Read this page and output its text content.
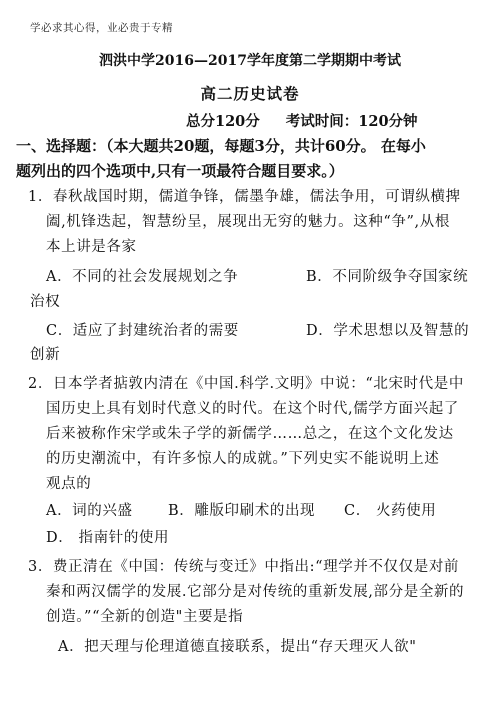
学必求其心得，业必贵于专精
泗洪中学2016—2017学年度第二学期期中考试
高二历史试卷
总分120分 考试时间：120分钟
一、选择题：（本大题共20题，每题3分，共计60分。 在每小
题列出的四个选项中,只有一项最符合题目要求。）
1．春秋战国时期，儒道争锋，儒墨争雄，儒法争用，可谓纵横捭
阖,机锋迭起，智慧纷呈，展现出无穷的魅力。这种“争”,从根
本上讲是各家
A．不同的社会发展规划之争	B．不同阶级争夺国家统
治权
C．适应了封建统治者的需要	D．学术思想以及智慧的
创新
2．日本学者掂敦内清在《中国.科学.文明》中说：“北宋时代是中
国历史上具有划时代意义的时代。在这个时代,儒学方面兴起了
后来被称作宋学或朱子学的新儒学……总之，在这个文化发达
的历史潮流中，有许多惊人的成就。”下列史实不能说明上述
观点的
A．词的兴盛 B．雕版印刷术的出现 C． 火药使用
D． 指南针的使用
3．费正清在《中国：传统与变迁》中指出:“理学并不仅仅是对前
秦和两汉儒学的发展.它部分是对传统的重新发展,部分是全新的
创造。”“全新的创造"主要是指
A．把天理与伦理道德直接联系，提出“存天理灭人欲"
